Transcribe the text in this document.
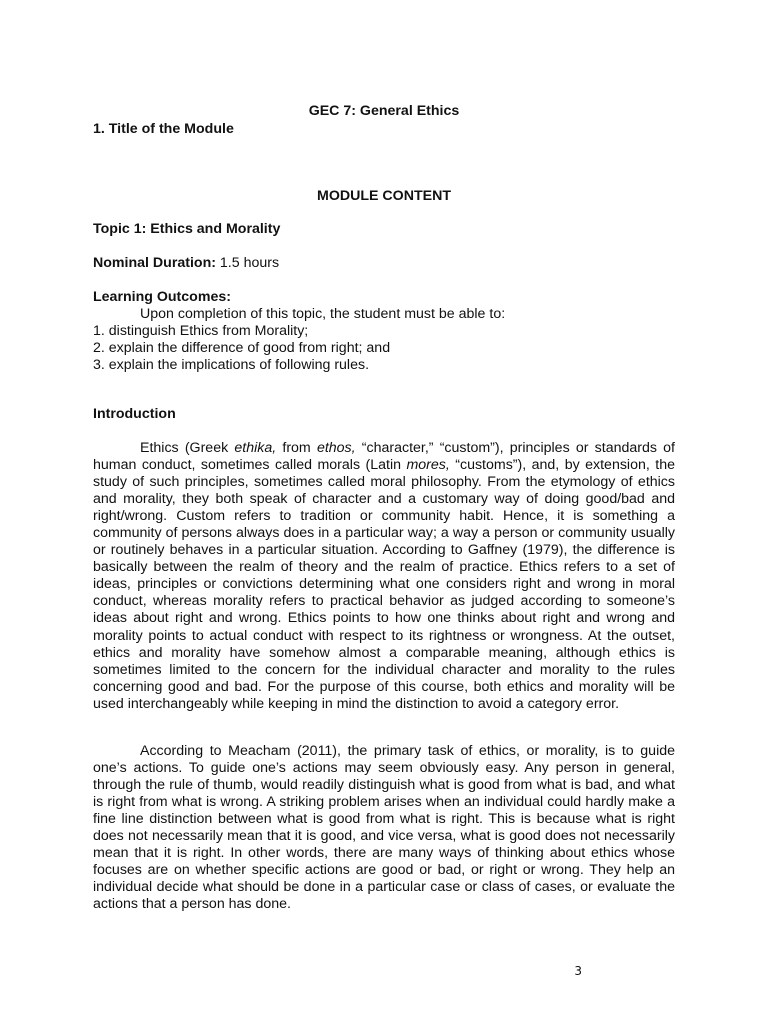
GEC 7: General Ethics
1. Title of the Module
MODULE CONTENT
Topic 1: Ethics and Morality
Nominal Duration: 1.5 hours

Learning Outcomes:

Upon completion of this topic, the student must be able to:

1. distinguish Ethics from Morality;

2. explain the difference of good from right; and

3. explain the implications of following rules.

Introduction

Ethics (Greek ethika, from ethos, “character,” “custom”), principles or standards of human conduct, sometimes called morals (Latin mores, “customs”), and, by extension, the study of such principles, sometimes called moral philosophy. From the etymology of ethics and morality, they both speak of character and a customary way of doing good/bad and right/wrong. Custom refers to tradition or community habit. Hence, it is something a community of persons always does in a particular way; a way a person or community usually or routinely behaves in a particular situation. According to Gaffney (1979), the difference is basically between the realm of theory and the realm of practice. Ethics refers to a set of ideas, principles or convictions determining what one considers right and wrong in moral conduct, whereas morality refers to practical behavior as judged according to someone’s ideas about right and wrong. Ethics points to how one thinks about right and wrong and morality points to actual conduct with respect to its rightness or wrongness. At the outset, ethics and morality have somehow almost a comparable meaning, although ethics is sometimes limited to the concern for the individual character and morality to the rules concerning good and bad. For the purpose of this course, both ethics and morality will be used interchangeably while keeping in mind the distinction to avoid a category error.

According to Meacham (2011), the primary task of ethics, or morality, is to guide one’s actions. To guide one’s actions may seem obviously easy. Any person in general, through the rule of thumb, would readily distinguish what is good from what is bad, and what is right from what is wrong. A striking problem arises when an individual could hardly make a fine line distinction between what is good from what is right. This is because what is right does not necessarily mean that it is good, and vice versa, what is good does not necessarily mean that it is right. In other words, there are many ways of thinking about ethics whose focuses are on whether specific actions are good or bad, or right or wrong. They help an individual decide what should be done in a particular case or class of cases, or evaluate the actions that a person has done.

3
